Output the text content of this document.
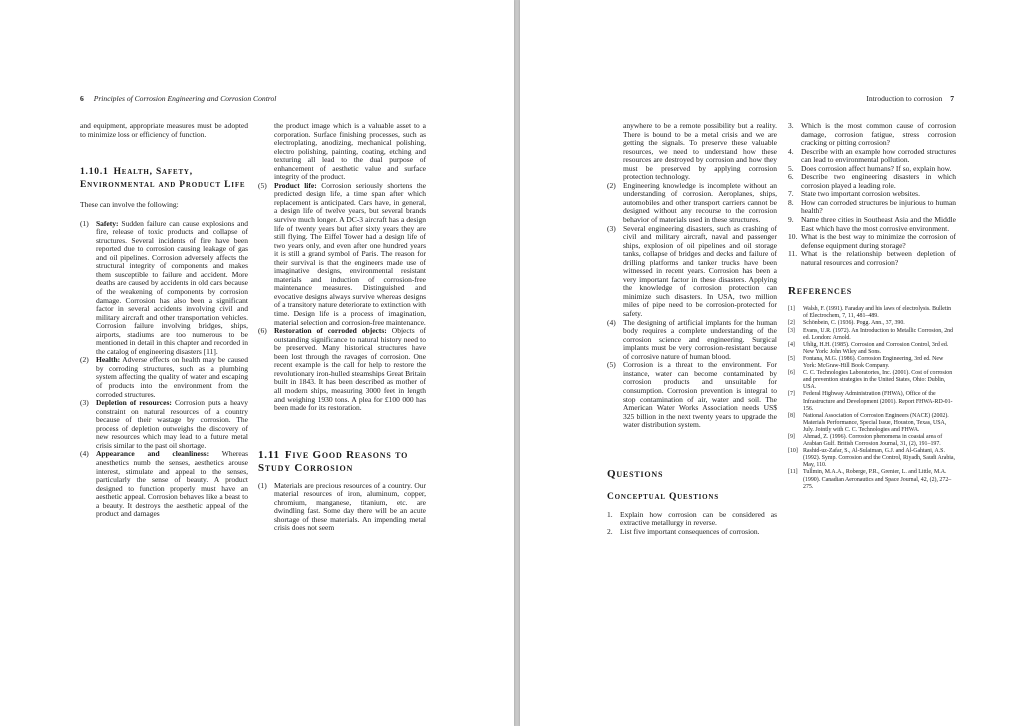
6 Principles of Corrosion Engineering and Corrosion Control

and equipment, appropriate measures must be adopted to minimize loss or efficiency of function.

1.10.1 Health, Safety, Environmental and Product Life

These can involve the following:

(1) Safety: Sudden failure can cause explosions and fire, release of toxic products and collapse of structures. Several incidents of fire have been reported due to corrosion causing leakage of gas and oil pipelines. Corrosion adversely affects the structural integrity of components and makes them susceptible to failure and accident. More deaths are caused by accidents in old cars because of the weakening of components by corrosion damage. Corrosion has also been a significant factor in several accidents involving civil and military aircraft and other transportation vehicles. Corrosion failure involving bridges, ships, airports, stadiums are too numerous to be mentioned in detail in this chapter and recorded in the catalog of engineering disasters [11].
(2) Health: Adverse effects on health may be caused by corroding structures, such as a plumbing system affecting the quality of water and escaping of products into the environment from the corroded structures.
(3) Depletion of resources: Corrosion puts a heavy constraint on natural resources of a country because of their wastage by corrosion. The process of depletion outweighs the discovery of new resources which may lead to a future metal crisis similar to the past oil shortage.
(4) Appearance and cleanliness: Whereas anesthetics numb the senses, aesthetics arouse interest, stimulate and appeal to the senses, particularly the sense of beauty. A product designed to function properly must have an aesthetic appeal. Corrosion behaves like a beast to a beauty. It destroys the aesthetic appeal of the product and damages
the product image which is a valuable asset to a corporation. Surface finishing processes, such as electroplating, anodizing, mechanical polishing, electro polishing, painting, coating, etching and texturing all lead to the dual purpose of enhancement of aesthetic value and surface integrity of the product.
(5) Product life: Corrosion seriously shortens the predicted design life, a time span after which replacement is anticipated. Cars have, in general, a design life of twelve years, but several brands survive much longer. A DC-3 aircraft has a design life of twenty years but after sixty years they are still flying. The Eiffel Tower had a design life of two years only, and even after one hundred years it is still a grand symbol of Paris. The reason for their survival is that the engineers made use of imaginative designs, environmental resistant materials and induction of corrosion-free maintenance measures. Distinguished and evocative designs always survive whereas designs of a transitory nature deteriorate to extinction with time. Design life is a process of imagination, material selection and corrosion-free maintenance.
(6) Restoration of corroded objects: Objects of outstanding significance to natural history need to be preserved. Many historical structures have been lost through the ravages of corrosion. One recent example is the call for help to restore the revolutionary iron-hulled steamships Great Britain built in 1843. It has been described as mother of all modern ships, measuring 3000 feet in length and weighing 1930 tons. A plea for £100 000 has been made for its restoration.
1.11 Five Good Reasons to Study Corrosion
(1) Materials are precious resources of a country. Our material resources of iron, aluminum, copper, chromium, manganese, titanium, etc. are dwindling fast. Some day there will be an acute shortage of these materials. An impending metal crisis does not seem
Introduction to corrosion 7
anywhere to be a remote possibility but a reality. There is bound to be a metal crisis and we are getting the signals. To preserve these valuable resources, we need to understand how these resources are destroyed by corrosion and how they must be preserved by applying corrosion protection technology.
(2) Engineering knowledge is incomplete without an understanding of corrosion. Aeroplanes, ships, automobiles and other transport carriers cannot be designed without any recourse to the corrosion behavior of materials used in these structures.
(3) Several engineering disasters, such as crashing of civil and military aircraft, naval and passenger ships, explosion of oil pipelines and oil storage tanks, collapse of bridges and decks and failure of drilling platforms and tanker trucks have been witnessed in recent years. Corrosion has been a very important factor in these disasters. Applying the knowledge of corrosion protection can minimize such disasters. In USA, two million miles of pipe need to be corrosion-protected for safety.
(4) The designing of artificial implants for the human body requires a complete understanding of the corrosion science and engineering. Surgical implants must be very corrosion-resistant because of corrosive nature of human blood.
(5) Corrosion is a threat to the environment. For instance, water can become contaminated by corrosion products and unsuitable for consumption. Corrosion prevention is integral to stop contamination of air, water and soil. The American Water Works Association needs US$ 325 billion in the next twenty years to upgrade the water distribution system.
Questions
Conceptual Questions
1. Explain how corrosion can be considered as extractive metallurgy in reverse.
2. List five important consequences of corrosion.
3. Which is the most common cause of corrosion damage, corrosion fatigue, stress corrosion cracking or pitting corrosion?
4. Describe with an example how corroded structures can lead to environmental pollution.
5. Does corrosion affect humans? If so, explain how.
6. Describe two engineering disasters in which corrosion played a leading role.
7. State two important corrosion websites.
8. How can corroded structures be injurious to human health?
9. Name three cities in Southeast Asia and the Middle East which have the most corrosive environment.
10. What is the best way to minimize the corrosion of defense equipment during storage?
11. What is the relationship between depletion of natural resources and corrosion?
References
[1] Walsh, F. (1991). Faraday and his laws of electrolysis. Bulletin of Electrochem, 7, 11, 481–489.
[2] Schönbein, C. (1936). Pogg. Ann., 37, 390.
[3] Evans, U.R. (1972). An Introduction to Metallic Corrosion, 2nd ed. London: Arnold.
[4] Uhlig, H.H. (1985). Corrosion and Corrosion Control, 3rd ed. New York: John Wiley and Sons.
[5] Fontana, M.G. (1986). Corrosion Engineering, 3rd ed. New York: McGraw-Hill Book Company.
[6] C. C. Technologies Laboratories, Inc. (2001). Cost of corrosion and prevention strategies in the United States, Ohio: Dublin, USA.
[7] Federal Highway Administration (FHWA), Office of the Infrastructure and Development (2001). Report FHWA-RD-01-156.
[8] National Association of Corrosion Engineers (NACE) (2002). Materials Performance, Special Issue, Houston, Texas, USA, July. Jointly with C. C. Technologies and FHWA.
[9] Ahmad, Z. (1996). Corrosion phenomena in coastal area of Arabian Gulf. British Corrosion Journal, 31, (2), 191–197.
[10] Rashid-uz-Zafar, S., Al-Sulaiman, G.J. and Al-Gahtani, A.S. (1992). Symp. Corrosion and the Control, Riyadh, Saudi Arabia, May, 110.
[11] Tullmin, M.A.A., Roberge, P.R., Grenier, L. and Little, M.A. (1990). Canadian Aeronautics and Space Journal, 42, (2), 272–275.
